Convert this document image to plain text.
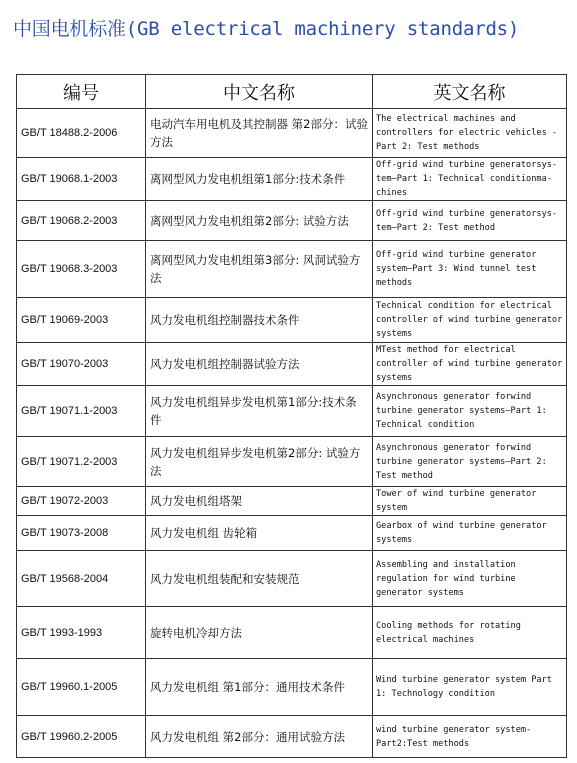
中国电机标准(GB electrical machinery standards)
编号	中文名称	英文名称
GB/T 18488.2-2006	电动汽车用电机及其控制器 第2部分：试验方法	The electrical machines and controllers for electric vehicles -Part 2: Test methods
GB/T 19068.1-2003	离网型风力发电机组第1部分:技术条件	Off-grid wind turbine generatorsys-tem—Part 1: Technical conditionma-chines
GB/T 19068.2-2003	离网型风力发电机组第2部分: 试验方法	Off-grid wind turbine generatorsys-tem—Part 2: Test method
GB/T 19068.3-2003	离网型风力发电机组第3部分: 风洞试验方法	Off-grid wind turbine generator system—Part 3: Wind tunnel test methods
GB/T 19069-2003	风力发电机组控制器技术条件	Technical condition for electrical controller of wind turbine generator systems
GB/T 19070-2003	风力发电机组控制器试验方法	MTest method for electrical controller of wind turbine generator systems
GB/T 19071.1-2003	风力发电机组异步发电机第1部分:技术条件	Asynchronous generator forwind turbine generator systems—Part 1: Technical condition
GB/T 19071.2-2003	风力发电机组异步发电机第2部分: 试验方法	Asynchronous generator forwind turbine generator systems—Part 2: Test method
GB/T 19072-2003	风力发电机组塔架	Tower of wind turbine generator system
GB/T 19073-2008	风力发电机组 齿轮箱	Gearbox of wind turbine generator systems
GB/T 19568-2004	风力发电机组装配和安装规范	Assembling and installation regulation for wind turbine generator systems
GB/T 1993-1993	旋转电机冷却方法	Cooling methods for rotating electrical machines
GB/T 19960.1-2005	风力发电机组 第1部分：通用技术条件	Wind turbine generator system Part 1: Technology condition
GB/T 19960.2-2005	风力发电机组 第2部分：通用试验方法	wind turbine generator system-Part2:Test methods
